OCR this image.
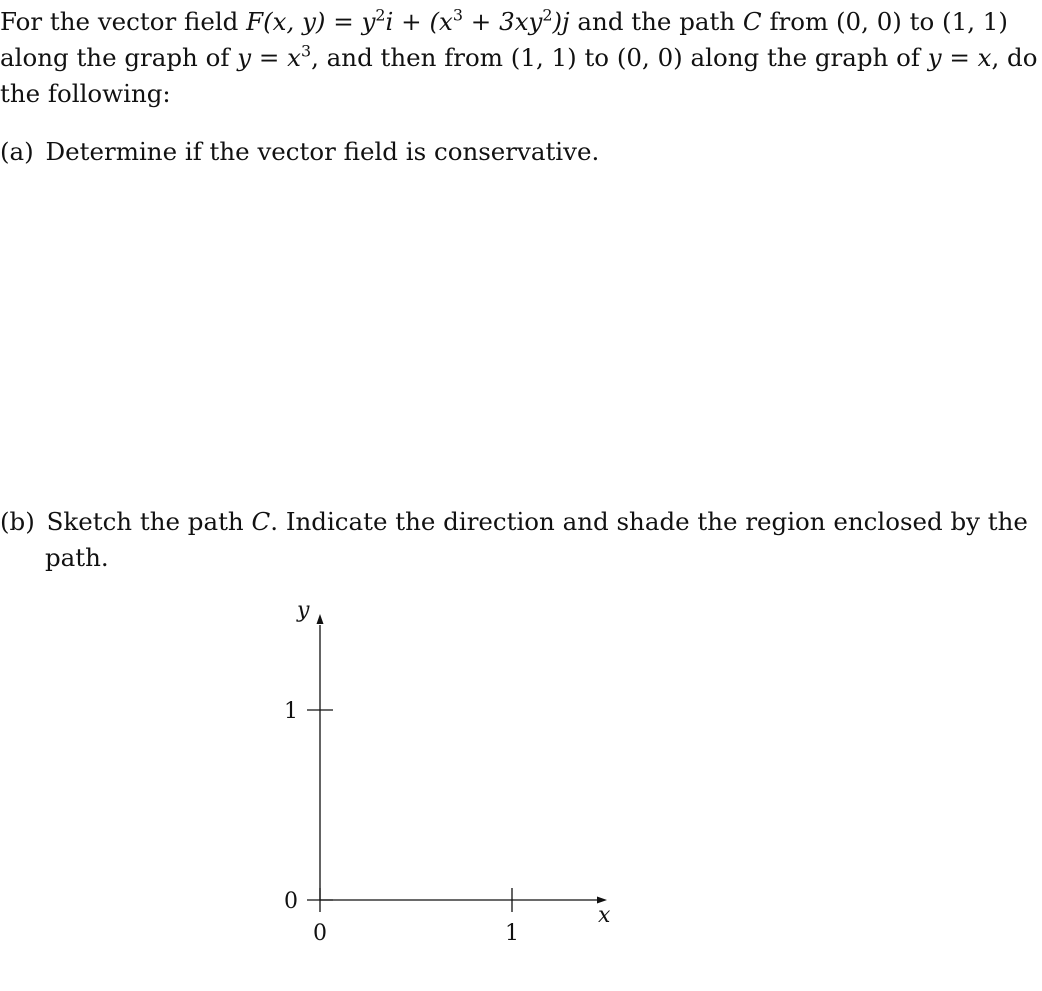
For the vector field F(x, $y) = y^2i + (x^3 + 3xy^2)j$ and the path C from (0, 0) to (1, 1)
along the graph of $y = x^3$, and then from (1, 1) to (0, 0) along the graph of y = x, do
the following:
(a) Determine if the vector field is conservative.
(b) Sketch the path C. Indicate the direction and shade the region enclosed by the
path.
y
x
1
0
0	1
